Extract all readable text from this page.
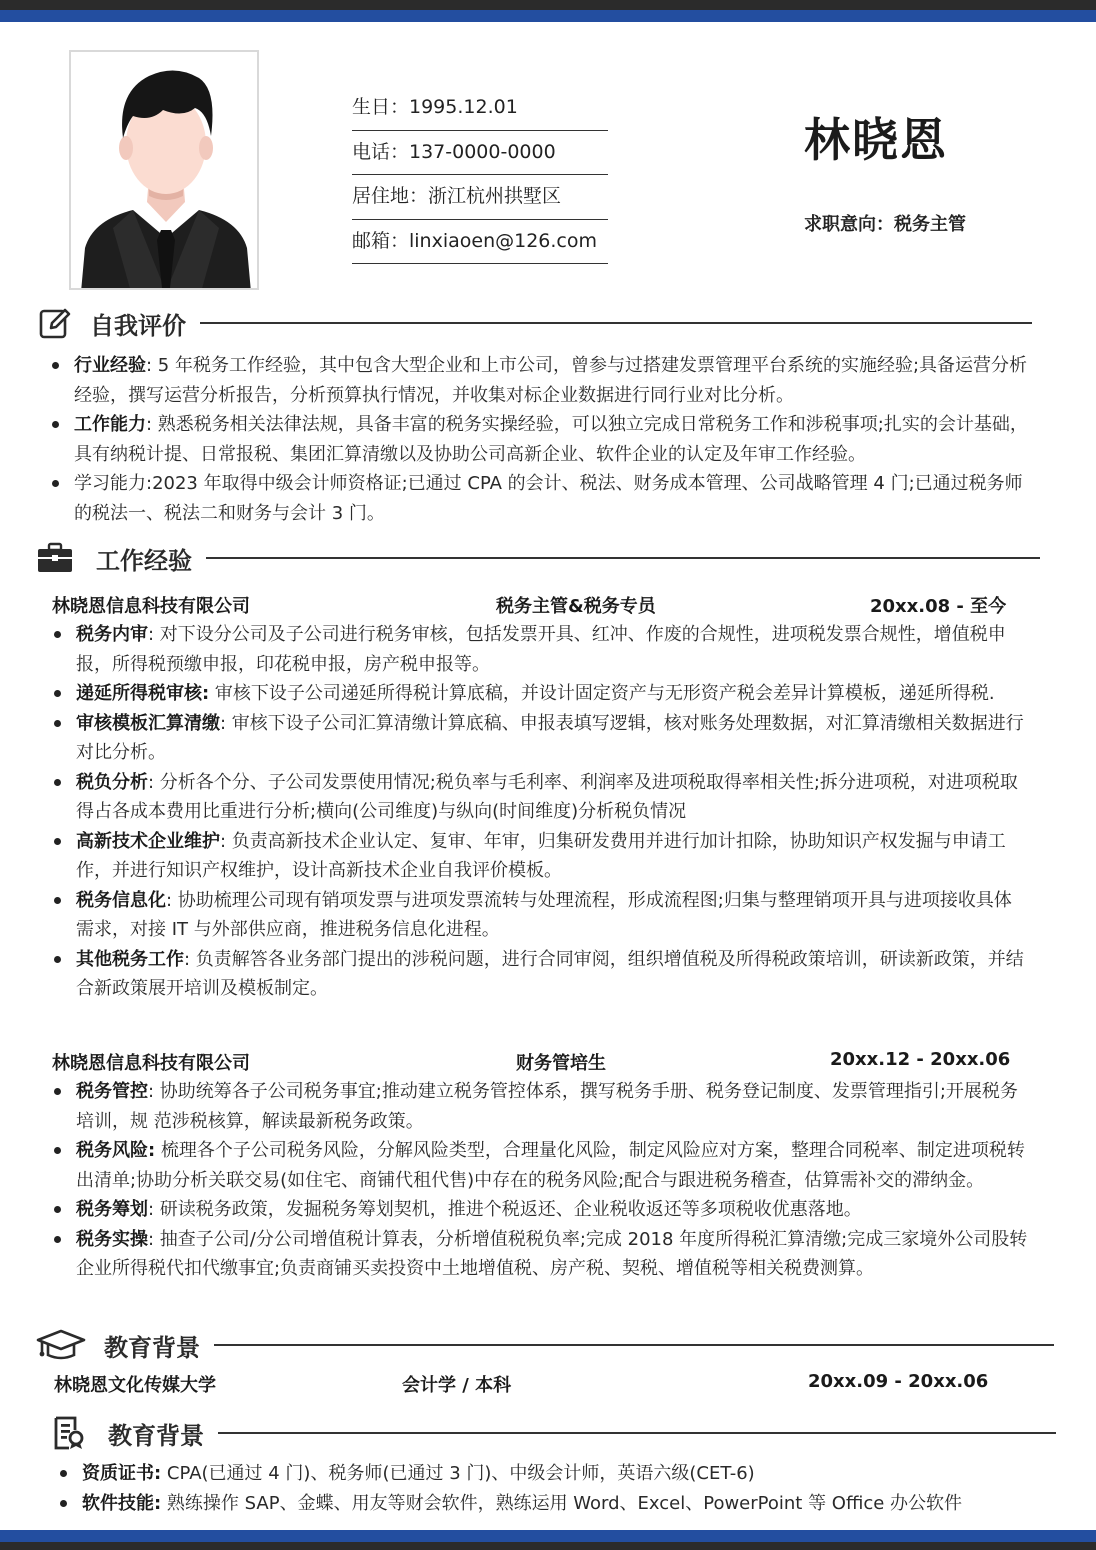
生日：1995.12.01
电话：137-0000-0000
居住地：浙江杭州拱墅区
邮箱：linxiaoen@126.com
林晓恩
求职意向：税务主管
自我评价
行业经验: 5 年税务工作经验，其中包含大型企业和上市公司，曾参与过搭建发票管理平台系统的实施经验;具备运营分析经验，撰写运营分析报告，分析预算执行情况，并收集对标企业数据进行同行业对比分析。
工作能力: 熟悉税务相关法律法规，具备丰富的税务实操经验，可以独立完成日常税务工作和涉税事项;扎实的会计基础，具有纳税计提、日常报税、集团汇算清缴以及协助公司高新企业、软件企业的认定及年审工作经验。
学习能力:2023 年取得中级会计师资格证;已通过 CPA 的会计、税法、财务成本管理、公司战略管理 4 门;已通过税务师的税法一、税法二和财务与会计 3 门。
工作经验
林晓恩信息科技有限公司	税务主管&税务专员	20xx.08 - 至今
税务内审: 对下设分公司及子公司进行税务审核，包括发票开具、红冲、作废的合规性，进项税发票合规性，增值税申报，所得税预缴申报，印花税申报，房产税申报等。
递延所得税审核: 审核下设子公司递延所得税计算底稿，并设计固定资产与无形资产税会差异计算模板，递延所得税.
审核模板汇算清缴: 审核下设子公司汇算清缴计算底稿、申报表填写逻辑，核对账务处理数据，对汇算清缴相关数据进行对比分析。
税负分析: 分析各个分、子公司发票使用情况;税负率与毛利率、利润率及进项税取得率相关性;拆分进项税，对进项税取得占各成本费用比重进行分析;横向(公司维度)与纵向(时间维度)分析税负情况
高新技术企业维护: 负责高新技术企业认定、复审、年审，归集研发费用并进行加计扣除，协助知识产权发掘与申请工作，并进行知识产权维护，设计高新技术企业自我评价模板。
税务信息化: 协助梳理公司现有销项发票与进项发票流转与处理流程，形成流程图;归集与整理销项开具与进项接收具体需求，对接 IT 与外部供应商，推进税务信息化进程。
其他税务工作: 负责解答各业务部门提出的涉税问题，进行合同审阅，组织增值税及所得税政策培训，研读新政策，并结合新政策展开培训及模板制定。
林晓恩信息科技有限公司	财务管培生	20xx.12 - 20xx.06
税务管控: 协助统筹各子公司税务事宜;推动建立税务管控体系，撰写税务手册、税务登记制度、发票管理指引;开展税务培训，规 范涉税核算，解读最新税务政策。
税务风险: 梳理各个子公司税务风险，分解风险类型，合理量化风险，制定风险应对方案，整理合同税率、制定进项税转出清单;协助分析关联交易(如住宅、商铺代租代售)中存在的税务风险;配合与跟进税务稽查，估算需补交的滞纳金。
税务筹划: 研读税务政策，发掘税务筹划契机，推进个税返还、企业税收返还等多项税收优惠落地。
税务实操: 抽查子公司/分公司增值税计算表，分析增值税税负率;完成 2018 年度所得税汇算清缴;完成三家境外公司股转企业所得税代扣代缴事宜;负责商铺买卖投资中土地增值税、房产税、契税、增值税等相关税费测算。
教育背景
林晓恩文化传媒大学	会计学 / 本科	20xx.09 - 20xx.06
教育背景
资质证书: CPA(已通过 4 门)、税务师(已通过 3 门)、中级会计师，英语六级(CET-6)
软件技能: 熟练操作 SAP、金蝶、用友等财会软件，熟练运用 Word、Excel、PowerPoint 等 Office 办公软件
